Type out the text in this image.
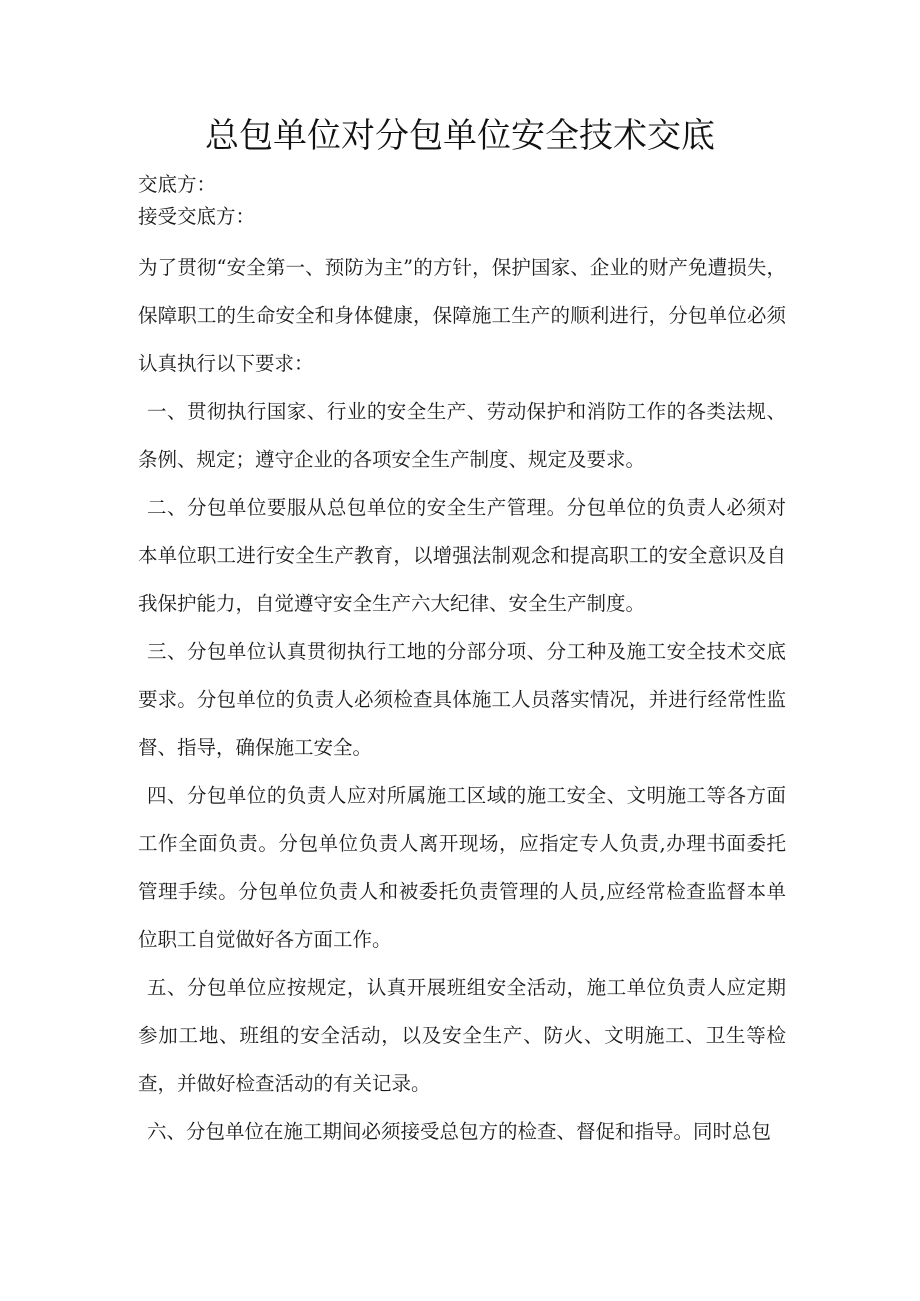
总包单位对分包单位安全技术交底
交底方：
接受交底方：

为了贯彻“安全第一、预防为主”的方针，保护国家、企业的财产免遭损失，保障职工的生命安全和身体健康，保障施工生产的顺利进行，分包单位必须认真执行以下要求：

一、贯彻执行国家、行业的安全生产、劳动保护和消防工作的各类法规、条例、规定；遵守企业的各项安全生产制度、规定及要求。

二、分包单位要服从总包单位的安全生产管理。分包单位的负责人必须对本单位职工进行安全生产教育，以增强法制观念和提高职工的安全意识及自我保护能力，自觉遵守安全生产六大纪律、安全生产制度。

三、分包单位认真贯彻执行工地的分部分项、分工种及施工安全技术交底要求。分包单位的负责人必须检查具体施工人员落实情况，并进行经常性监督、指导，确保施工安全。

四、分包单位的负责人应对所属施工区域的施工安全、文明施工等各方面工作全面负责。分包单位负责人离开现场，应指定专人负责,办理书面委托管理手续。分包单位负责人和被委托负责管理的人员,应经常检查监督本单位职工自觉做好各方面工作。

五、分包单位应按规定，认真开展班组安全活动，施工单位负责人应定期参加工地、班组的安全活动，以及安全生产、防火、文明施工、卫生等检查，并做好检查活动的有关记录。

六、分包单位在施工期间必须接受总包方的检查、督促和指导。同时总包
